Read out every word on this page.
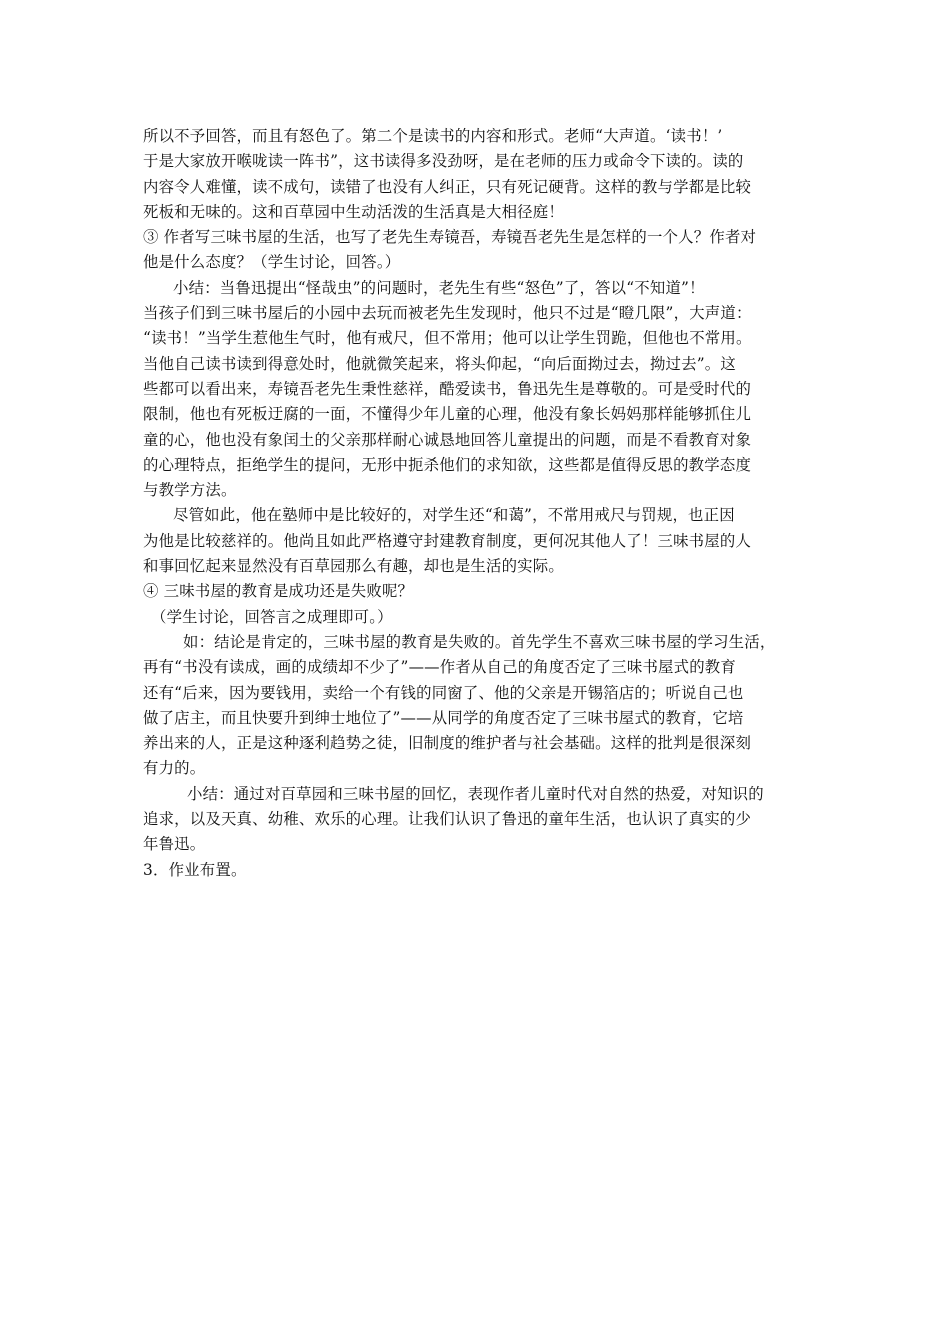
所以不予回答，而且有怒色了。第二个是读书的内容和形式。老师“大声道。‘读书！’
于是大家放开喉咙读一阵书”，这书读得多没劲呀，是在老师的压力或命令下读的。读的
内容令人难懂，读不成句，读错了也没有人纠正，只有死记硬背。这样的教与学都是比较
死板和无味的。这和百草园中生动活泼的生活真是大相径庭！
③ 作者写三味书屋的生活，也写了老先生寿镜吾，寿镜吾老先生是怎样的一个人？作者对
他是什么态度？（学生讨论，回答。）
小结：当鲁迅提出“怪哉虫”的问题时，老先生有些“怒色”了，答以“不知道”！
当孩子们到三味书屋后的小园中去玩而被老先生发现时，他只不过是“瞪几限”，大声道：
“读书！”当学生惹他生气时，他有戒尺，但不常用；他可以让学生罚跪，但他也不常用。
当他自己读书读到得意处时，他就微笑起来，将头仰起，“向后面拗过去，拗过去”。这
些都可以看出来，寿镜吾老先生秉性慈祥，酷爱读书，鲁迅先生是尊敬的。可是受时代的
限制，他也有死板迂腐的一面，不懂得少年儿童的心理，他没有象长妈妈那样能够抓住儿
童的心，他也没有象闰土的父亲那样耐心诚恳地回答儿童提出的问题，而是不看教育对象
的心理特点，拒绝学生的提问，无形中扼杀他们的求知欲，这些都是值得反思的教学态度
与教学方法。
尽管如此，他在塾师中是比较好的，对学生还“和蔼”，不常用戒尺与罚规，也正因
为他是比较慈祥的。他尚且如此严格遵守封建教育制度，更何况其他人了！三味书屋的人
和事回忆起来显然没有百草园那么有趣，却也是生活的实际。
④ 三味书屋的教育是成功还是失败呢？
（学生讨论，回答言之成理即可。）
如：结论是肯定的，三味书屋的教育是失败的。首先学生不喜欢三味书屋的学习生活，
再有“书没有读成，画的成绩却不少了”——作者从自己的角度否定了三味书屋式的教育
还有“后来，因为要钱用，卖给一个有钱的同窗了、他的父亲是开锡箔店的；听说自己也
做了店主，而且快要升到绅士地位了”——从同学的角度否定了三味书屋式的教育，它培
养出来的人，正是这种逐利趋势之徒，旧制度的维护者与社会基础。这样的批判是很深刻
有力的。
小结：通过对百草园和三味书屋的回忆，表现作者儿童时代对自然的热爱，对知识的
追求，以及天真、幼稚、欢乐的心理。让我们认识了鲁迅的童年生活，也认识了真实的少
年鲁迅。
3．作业布置。
